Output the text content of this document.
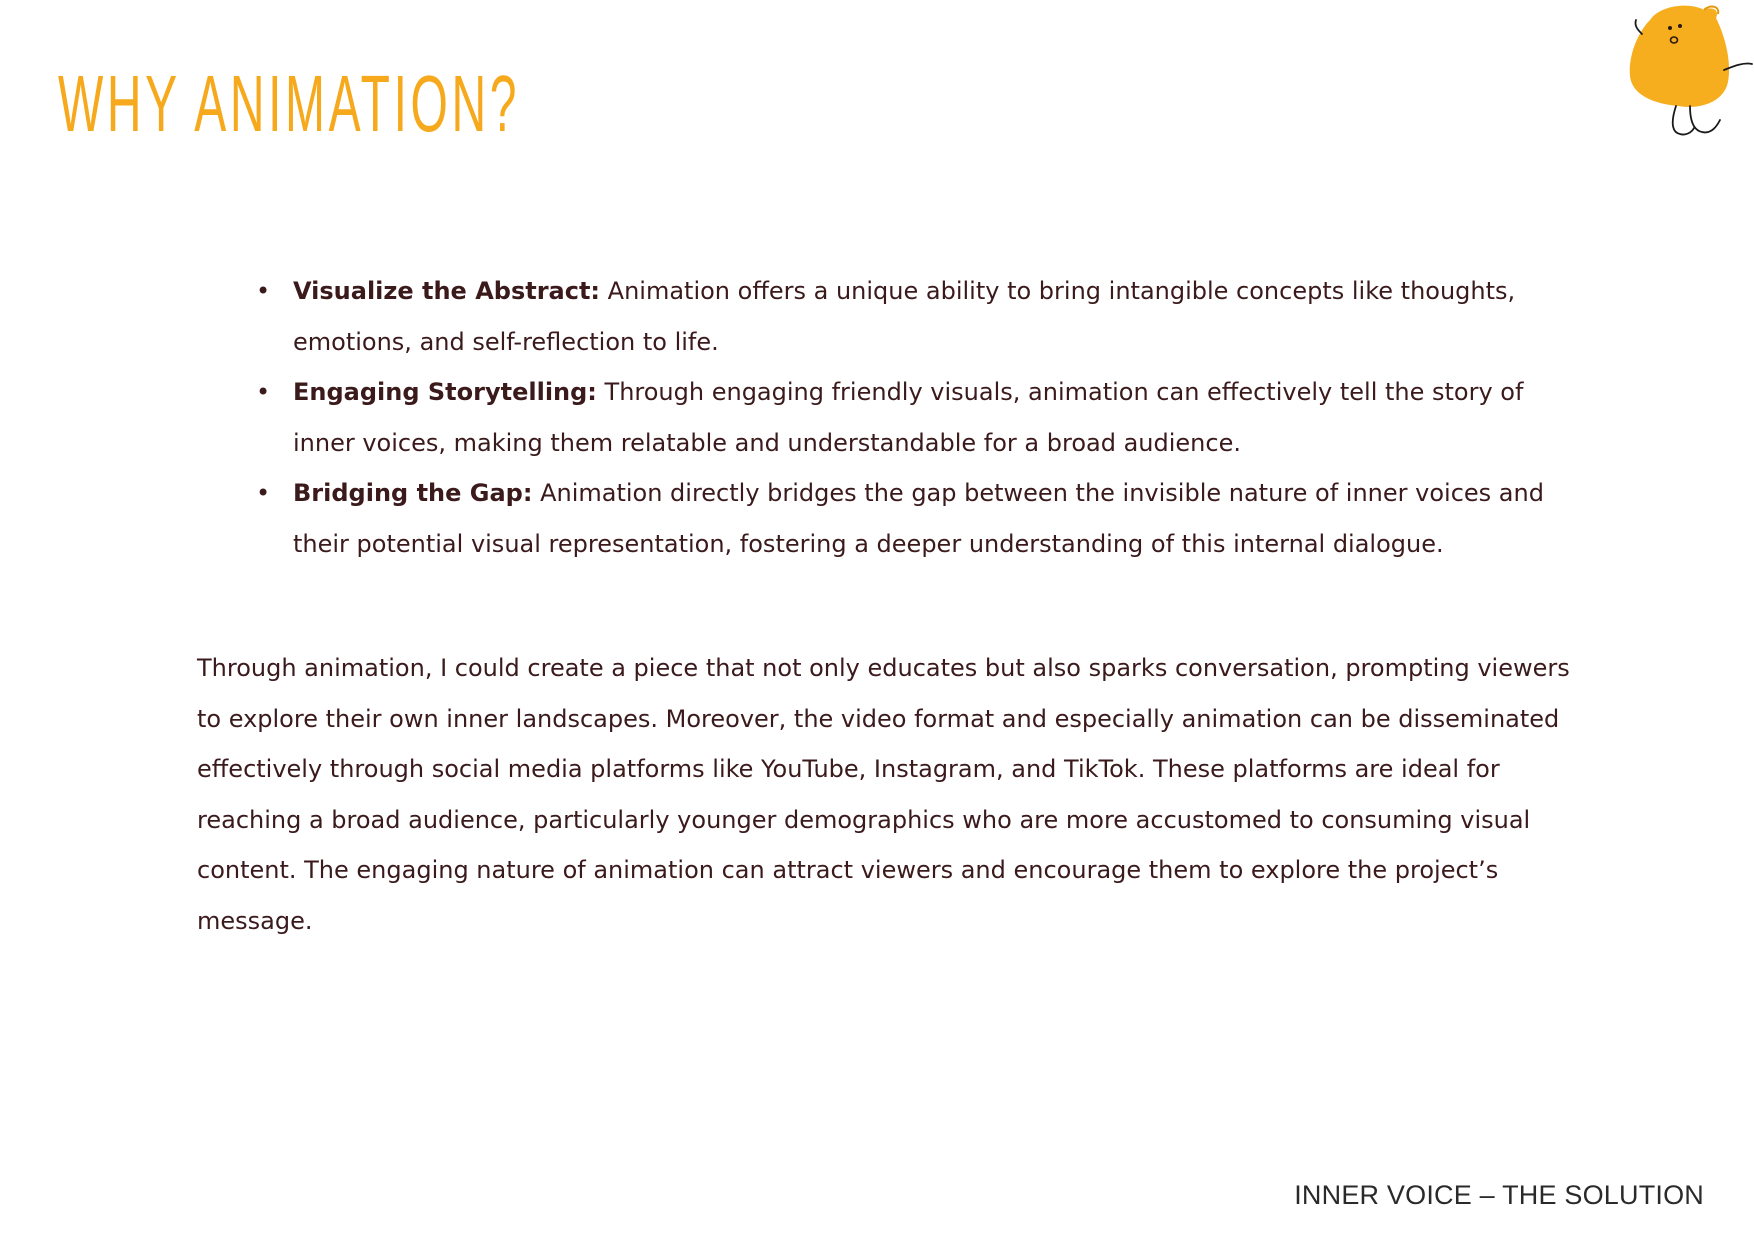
WHY ANIMATION?
• Visualize the Abstract: Animation offers a unique ability to bring intangible concepts like thoughts, emotions, and self-reflection to life.
• Engaging Storytelling: Through engaging friendly visuals, animation can effectively tell the story of inner voices, making them relatable and understandable for a broad audience.
• Bridging the Gap: Animation directly bridges the gap between the invisible nature of inner voices and their potential visual representation, fostering a deeper understanding of this internal dialogue.

Through animation, I could create a piece that not only educates but also sparks conversation, prompting viewers to explore their own inner landscapes. Moreover, the video format and especially animation can be disseminated effectively through social media platforms like YouTube, Instagram, and TikTok. These platforms are ideal for reaching a broad audience, particularly younger demographics who are more accustomed to consuming visual content. The engaging nature of animation can attract viewers and encourage them to explore the project’s message.

INNER VOICE – THE SOLUTION
